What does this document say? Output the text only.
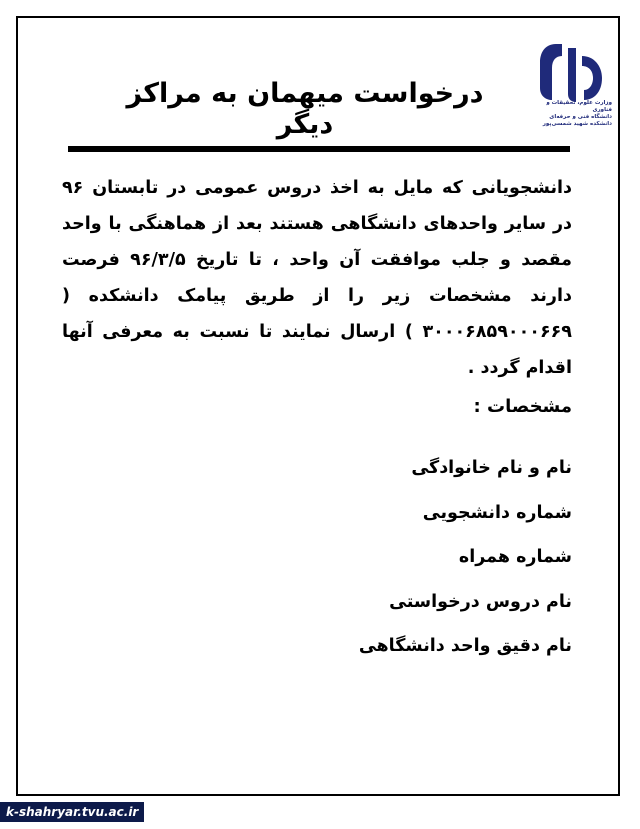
وزارت علوم، تحقیقات و فناوری
دانشگاه فنی و حرفه‌ای
دانشکده شهید شمسی‌پور
درخواست میهمان به مراکز دیگر
دانشجویانی که مایل به اخذ دروس عمومی در تابستان ۹۶ در سایر واحدهای دانشگاهی هستند بعد از هماهنگی با واحد مقصد و جلب موافقت آن واحد ، تا تاریخ ۹۶/۳/۵ فرصت دارند مشخصات زیر را از طریق پیامک دانشکده ( ۳۰۰۰۶۸۵۹۰۰۰۶۶۹ ) ارسال نمایند تا نسبت به معرفی آنها اقدام گردد .
مشخصات :
نام و نام خانوادگی
شماره دانشجویی
شماره همراه
نام دروس درخواستی
نام دقیق واحد دانشگاهی
k-shahryar.tvu.ac.ir
